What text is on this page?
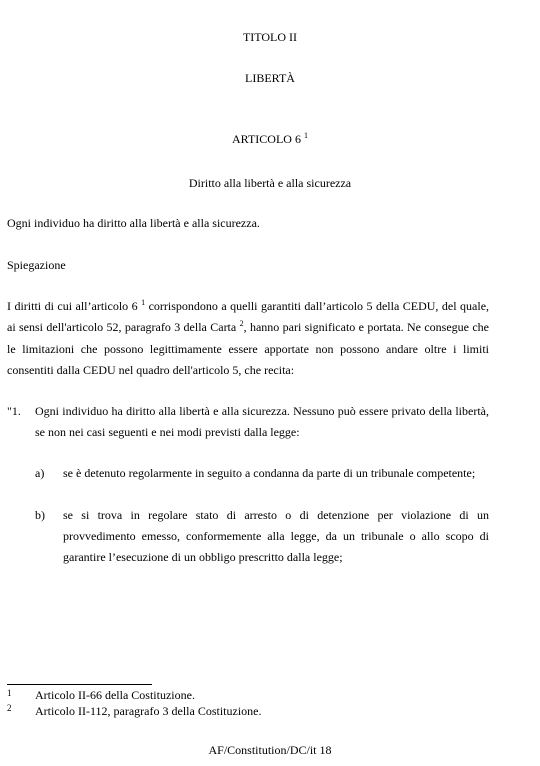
TITOLO II
LIBERTÀ
ARTICOLO 6 $^1$
Diritto alla libertà e alla sicurezza
Ogni individuo ha diritto alla libertà e alla sicurezza.
Spiegazione
I diritti di cui all’articolo 6 $^1$ corrispondono a quelli garantiti dall’articolo 5 della CEDU, del quale,
ai sensi dell'articolo 52, paragrafo 3 della Carta $^2$, hanno pari significato e portata. Ne consegue che
le limitazioni che possono legittimamente essere apportate non possono andare oltre i limiti
consentiti dalla CEDU nel quadro dell'articolo 5, che recita:
"1. Ogni individuo ha diritto alla libertà e alla sicurezza. Nessuno può essere privato della libertà,
se non nei casi seguenti e nei modi previsti dalla legge:
a) se è detenuto regolarmente in seguito a condanna da parte di un tribunale competente;
b) se si trova in regolare stato di arresto o di detenzione per violazione di un
provvedimento emesso, conformemente alla legge, da un tribunale o allo scopo di
garantire l’esecuzione di un obbligo prescritto dalla legge;
1 Articolo II-66 della Costituzione.
2 Articolo II-112, paragrafo 3 della Costituzione.
AF/Constitution/DC/it 18
